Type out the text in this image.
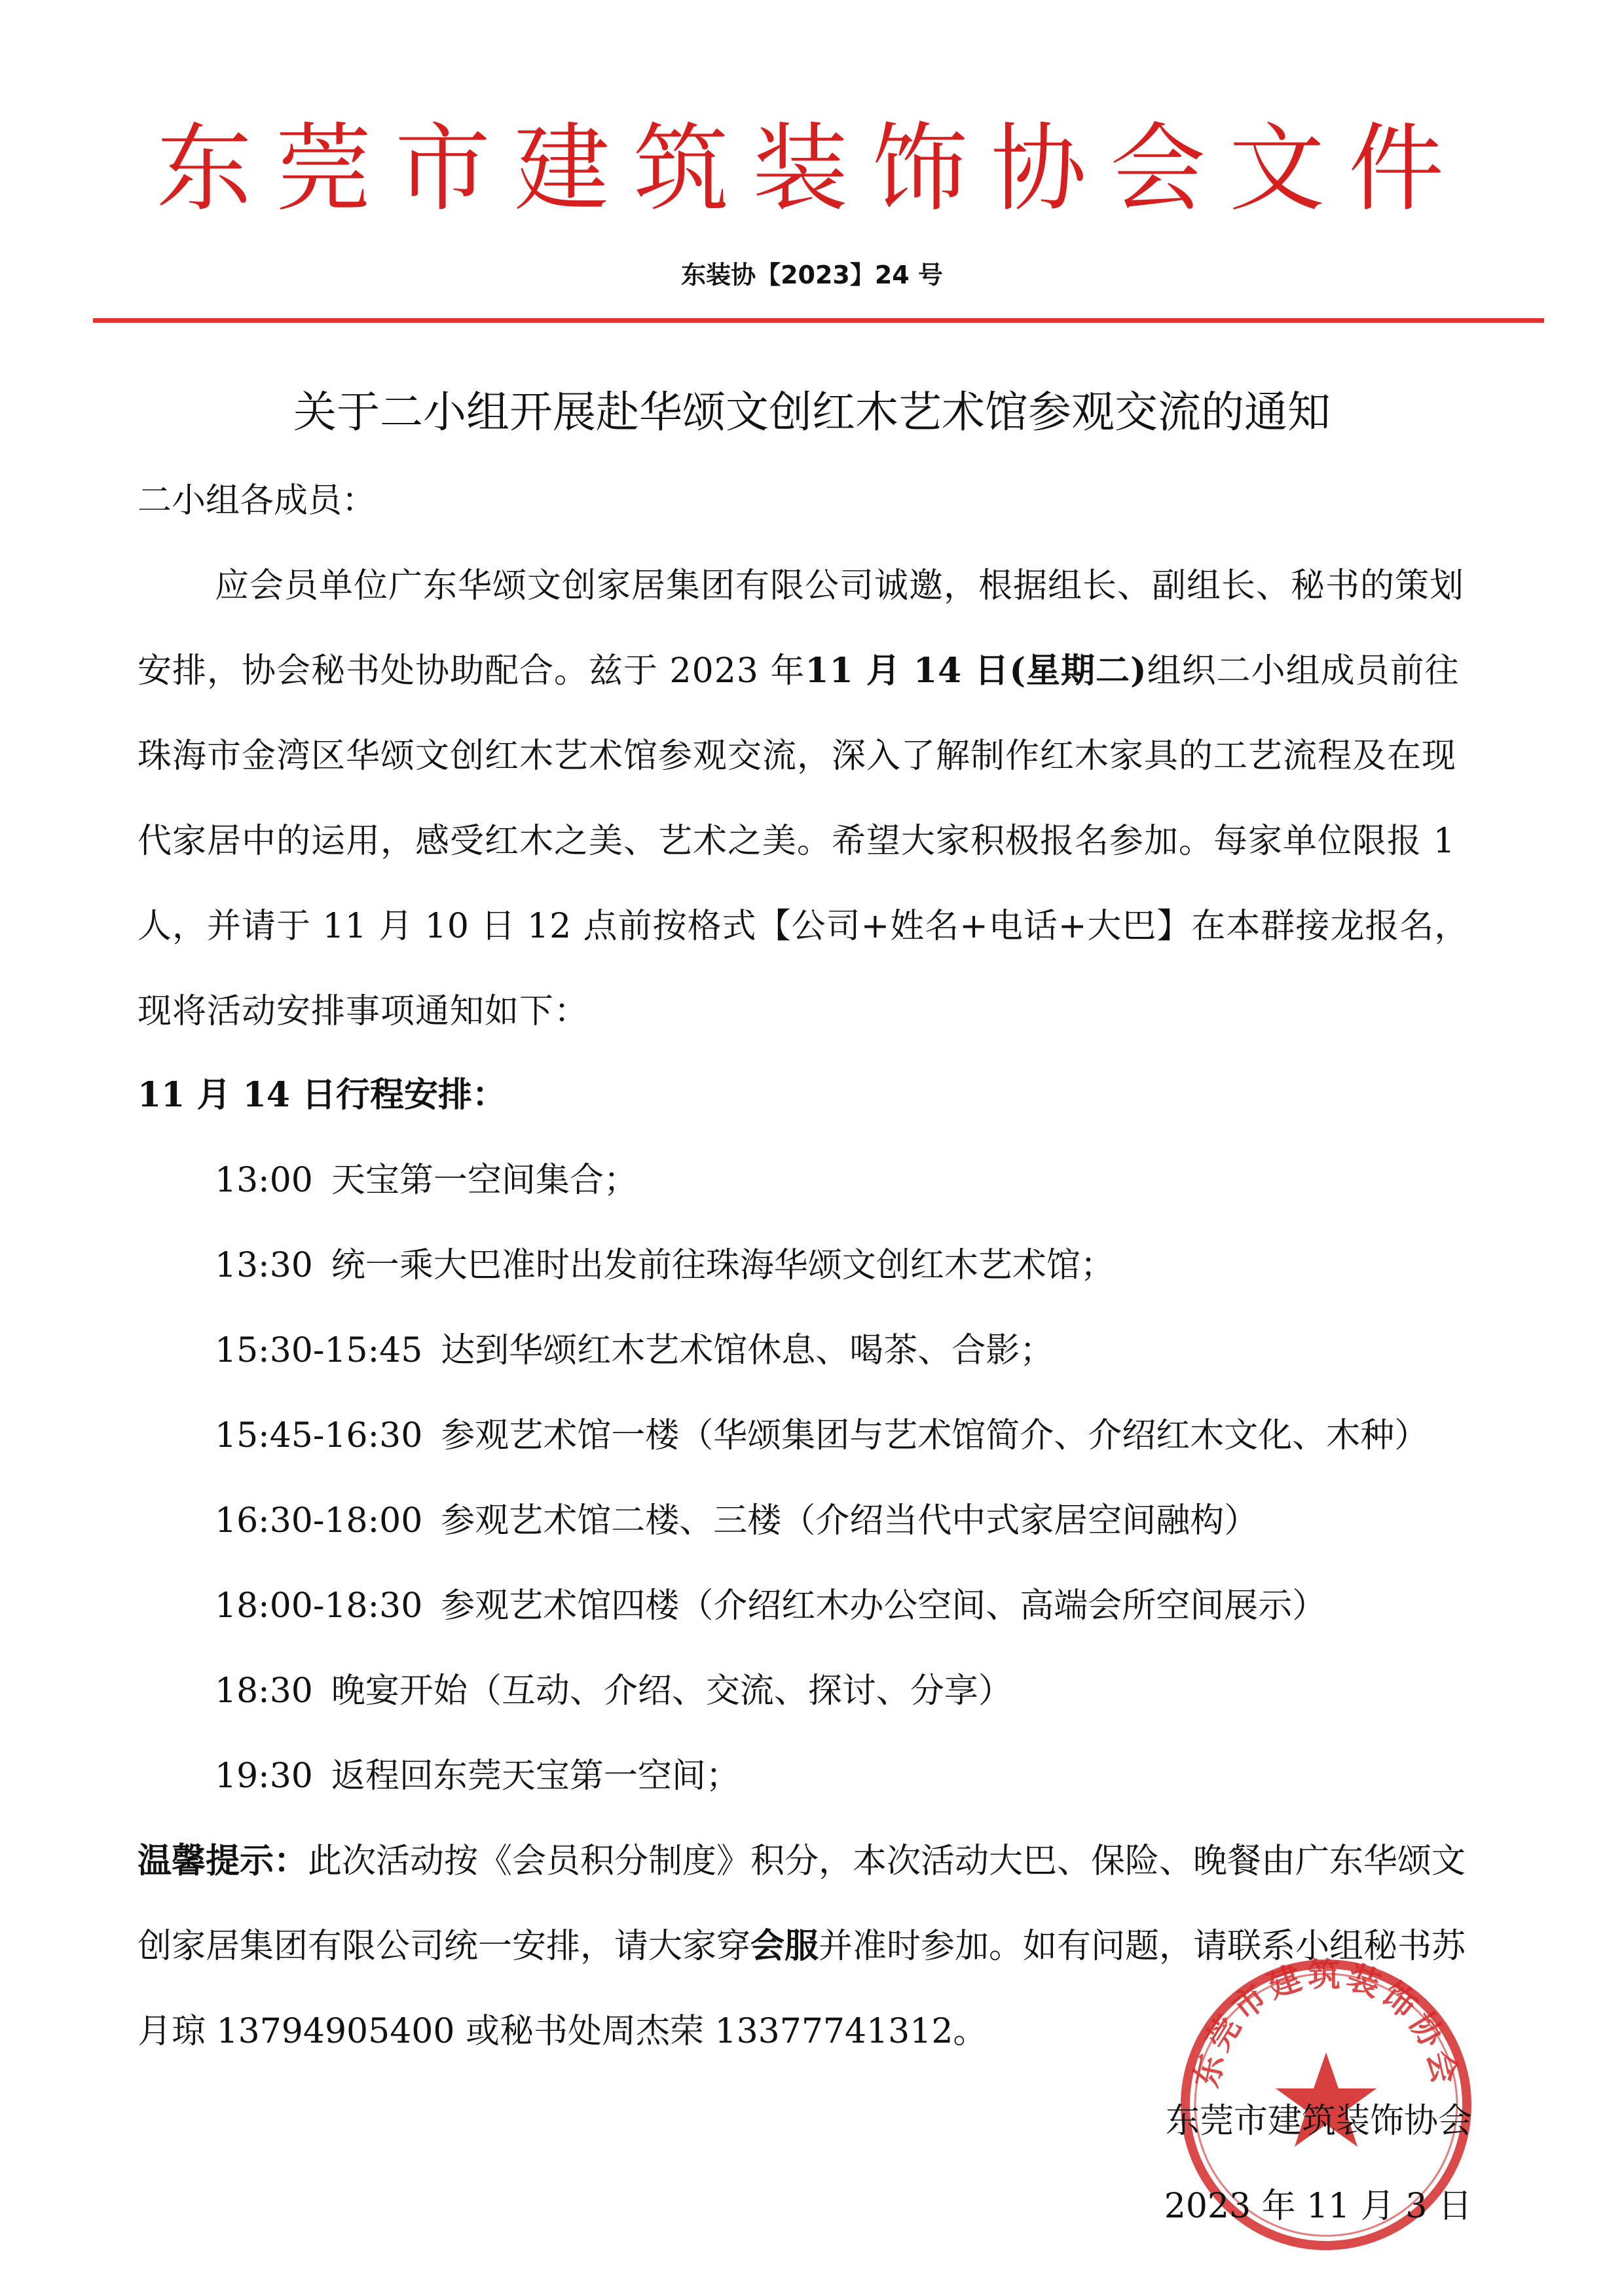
东莞市建筑装饰协会文件
东装协【2023】24 号
关于二小组开展赴华颂文创红木艺术馆参观交流的通知
二小组各成员：
应会员单位广东华颂文创家居集团有限公司诚邀，根据组长、副组长、秘书的策划安排，协会秘书处协助配合。兹于 2023 年11 月 14 日(星期二)组织二小组成员前往珠海市金湾区华颂文创红木艺术馆参观交流，深入了解制作红木家具的工艺流程及在现代家居中的运用，感受红木之美、艺术之美。希望大家积极报名参加。每家单位限报 1 人，并请于 11 月 10 日 12 点前按格式【公司+姓名+电话+大巴】在本群接龙报名，现将活动安排事项通知如下：
11 月 14 日行程安排：
13:00 天宝第一空间集合；
13:30 统一乘大巴准时出发前往珠海华颂文创红木艺术馆；
15:30-15:45 达到华颂红木艺术馆休息、喝茶、合影；
15:45-16:30 参观艺术馆一楼（华颂集团与艺术馆简介、介绍红木文化、木种）
16:30-18:00 参观艺术馆二楼、三楼（介绍当代中式家居空间融构）
18:00-18:30 参观艺术馆四楼（介绍红木办公空间、高端会所空间展示）
18:30 晚宴开始（互动、介绍、交流、探讨、分享）
19:30 返程回东莞天宝第一空间；
温馨提示：此次活动按《会员积分制度》积分，本次活动大巴、保险、晚餐由广东华颂文创家居集团有限公司统一安排，请大家穿会服并准时参加。如有问题，请联系小组秘书苏月琼 13794905400 或秘书处周杰荣 13377741312。
东莞市建筑装饰协会
东莞市建筑装饰协会
2023 年 11 月 3 日
